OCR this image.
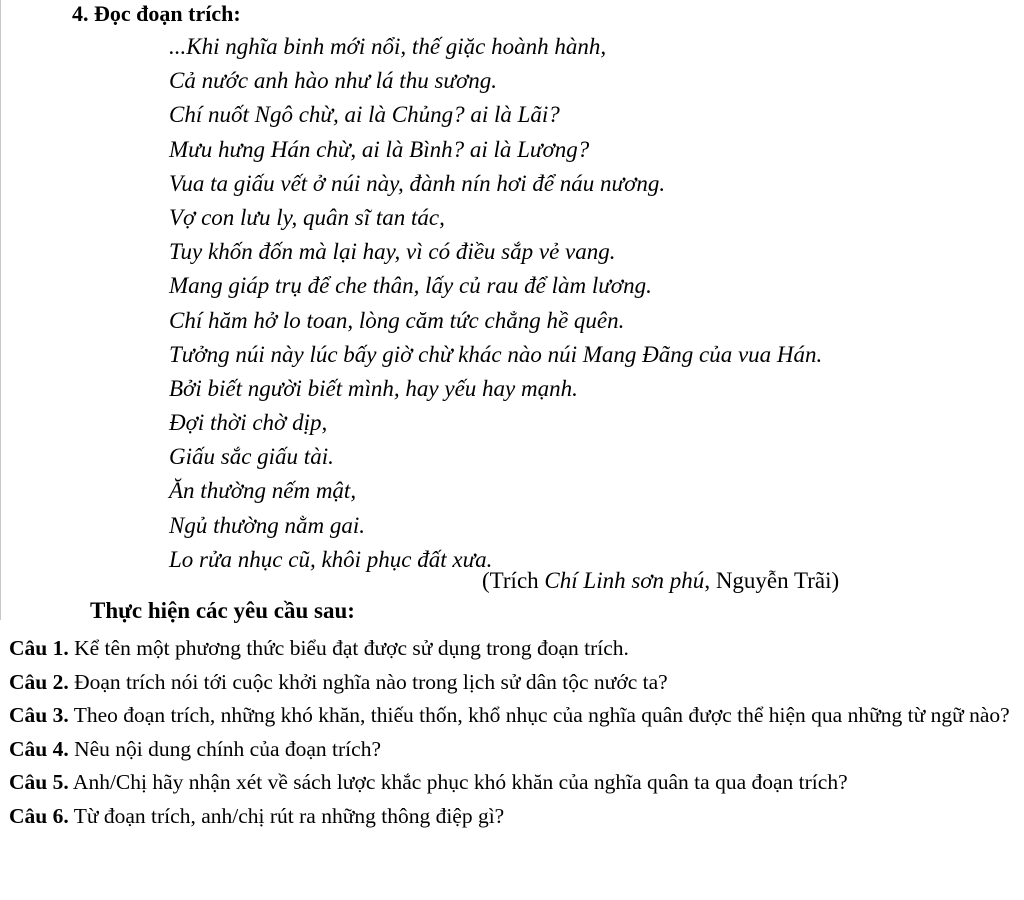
4. Đọc đoạn trích:
...Khi nghĩa binh mới nổi, thế giặc hoành hành,
Cả nước anh hào như lá thu sương.
Chí nuốt Ngô chừ, ai là Chủng? ai là Lãi?
Mưu hưng Hán chừ, ai là Bình? ai là Lương?
Vua ta giấu vết ở núi này, đành nín hơi để náu nương.
Vợ con lưu ly, quân sĩ tan tác,
Tuy khốn đốn mà lại hay, vì có điều sắp vẻ vang.
Mang giáp trụ để che thân, lấy củ rau để làm lương.
Chí hăm hở lo toan, lòng căm tức chẳng hề quên.
Tưởng núi này lúc bấy giờ chừ khác nào núi Mang Đãng của vua Hán.
Bởi biết người biết mình, hay yếu hay mạnh.
Đợi thời chờ dịp,
Giấu sắc giấu tài.
Ăn thường nếm mật,
Ngủ thường nằm gai.
Lo rửa nhục cũ, khôi phục đất xưa.
(Trích Chí Linh sơn phú, Nguyễn Trãi)
Thực hiện các yêu cầu sau:
Câu 1. Kể tên một phương thức biểu đạt được sử dụng trong đoạn trích.
Câu 2. Đoạn trích nói tới cuộc khởi nghĩa nào trong lịch sử dân tộc nước ta?
Câu 3. Theo đoạn trích, những khó khăn, thiếu thốn, khổ nhục của nghĩa quân được thể hiện qua những từ ngữ nào?
Câu 4. Nêu nội dung chính của đoạn trích?
Câu 5. Anh/Chị hãy nhận xét về sách lược khắc phục khó khăn của nghĩa quân ta qua đoạn trích?
Câu 6. Từ đoạn trích, anh/chị rút ra những thông điệp gì?
